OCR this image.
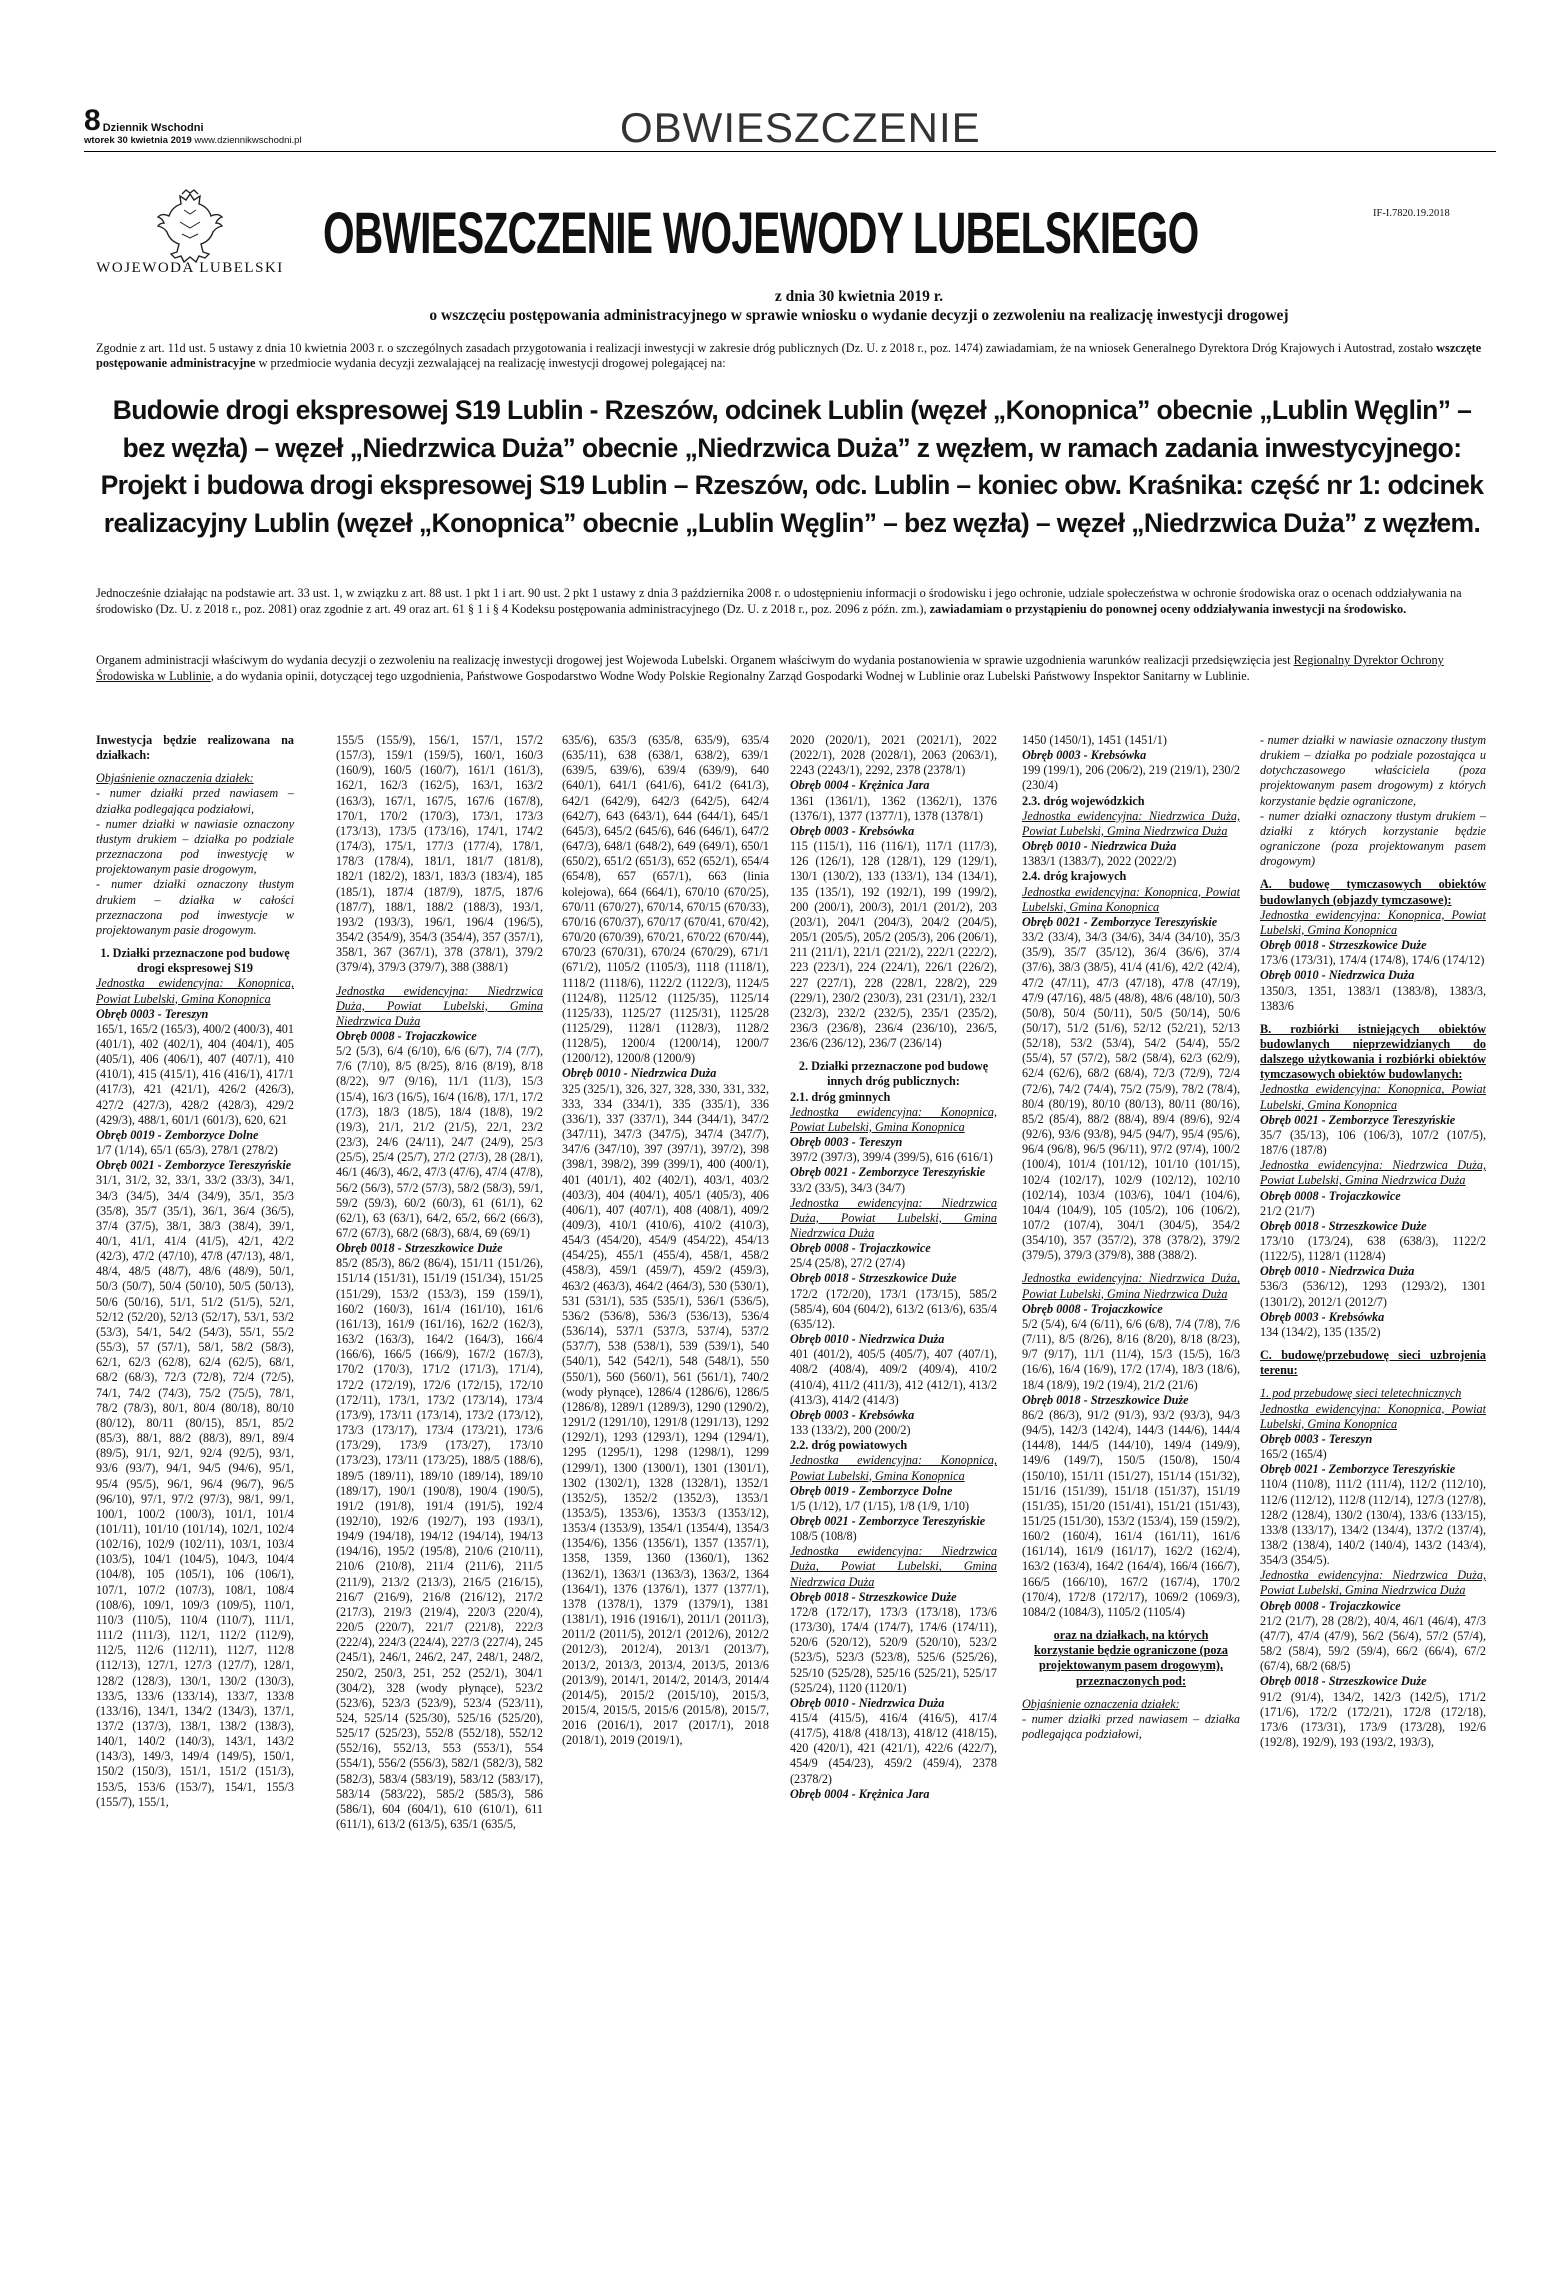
8 Dziennik Wschodni
wtorek 30 kwietnia 2019 www.dziennikwschodni.pl	OBWIESZCZENIE
WOJEWODA LUBELSKI
IF-I.7820.19.2018
OBWIESZCZENIE WOJEWODY LUBELSKIEGO
z dnia 30 kwietnia 2019 r.
o wszczęciu postępowania administracyjnego w sprawie wniosku o wydanie decyzji o zezwoleniu na realizację inwestycji drogowej
Zgodnie z art. 11d ust. 5 ustawy z dnia 10 kwietnia 2003 r. o szczególnych zasadach przygotowania i realizacji inwestycji w zakresie dróg publicznych (Dz. U. z 2018 r., poz. 1474) zawiadamiam, że na wniosek Generalnego Dyrektora Dróg Krajowych i Autostrad, zostało wszczęte postępowanie administracyjne w przedmiocie wydania decyzji zezwalającej na realizację inwestycji drogowej polegającej na:
Budowie drogi ekspresowej S19 Lublin - Rzeszów, odcinek Lublin (węzeł „Konopnica” obecnie „Lublin Węglin” –
bez węzła) – węzeł „Niedrzwica Duża” obecnie „Niedrzwica Duża” z węzłem, w ramach zadania inwestycyjnego:
Projekt i budowa drogi ekspresowej S19 Lublin – Rzeszów, odc. Lublin – koniec obw. Kraśnika: część nr 1: odcinek
realizacyjny Lublin (węzeł „Konopnica” obecnie „Lublin Węglin” – bez węzła) – węzeł „Niedrzwica Duża” z węzłem.
Jednocześnie działając na podstawie art. 33 ust. 1, w związku z art. 88 ust. 1 pkt 1 i art. 90 ust. 2 pkt 1 ustawy z dnia 3 października 2008 r. o udostępnieniu informacji o środowisku i jego ochronie, udziale społeczeństwa w ochronie środowiska oraz o ocenach oddziaływania na środowisko (Dz. U. z 2018 r., poz. 2081) oraz zgodnie z art. 49 oraz art. 61 § 1 i § 4 Kodeksu postępowania administracyjnego (Dz. U. z 2018 r., poz. 2096 z późn. zm.), zawiadamiam o przystąpieniu do ponownej oceny oddziaływania inwestycji na środowisko.
Organem administracji właściwym do wydania decyzji o zezwoleniu na realizację inwestycji drogowej jest Wojewoda Lubelski. Organem właściwym do wydania postanowienia w sprawie uzgodnienia warunków realizacji przedsięwzięcia jest Regionalny Dyrektor Ochrony Środowiska w Lublinie, a do wydania opinii, dotyczącej tego uzgodnienia, Państwowe Gospodarstwo Wodne Wody Polskie Regionalny Zarząd Gospodarki Wodnej w Lublinie oraz Lubelski Państwowy Inspektor Sanitarny w Lublinie.
Inwestycja będzie realizowana na działkach:
Objaśnienie oznaczenia działek:
- numer działki przed nawiasem – działka podlegająca podziałowi,
- numer działki w nawiasie oznaczony tłustym drukiem – działka po podziale przeznaczona pod inwestycję w projektowanym pasie drogowym,
- numer działki oznaczony tłustym drukiem – działka w całości przeznaczona pod inwestycje w projektowanym pasie drogowym.
1. Działki przeznaczone pod budowę drogi ekspresowej S19
Jednostka ewidencyjna: Konopnica, Powiat Lubelski, Gmina Konopnica
Obręb 0003 - Tereszyn
165/1, 165/2 (165/3), 400/2 (400/3), 401 (401/1), 402 (402/1), 404 (404/1), 405 (405/1), 406 (406/1), 407 (407/1), 410 (410/1), 415 (415/1), 416 (416/1), 417/1 (417/3), 421 (421/1), 426/2 (426/3), 427/2 (427/3), 428/2 (428/3), 429/2 (429/3), 488/1, 601/1 (601/3), 620, 621
Obręb 0019 - Zemborzyce Dolne
1/7 (1/14), 65/1 (65/3), 278/1 (278/2)
Obręb 0021 - Zemborzyce Tereszyńskie
31/1, 31/2, 32, 33/1, 33/2 (33/3), 34/1, 34/3 (34/5), 34/4 (34/9), 35/1, 35/3 (35/8), 35/7 (35/1), 36/1, 36/4 (36/5), 37/4 (37/5), 38/1, 38/3 (38/4), 39/1, 40/1, 41/1, 41/4 (41/5), 42/1, 42/2 (42/3), 47/2 (47/10), 47/8 (47/13), 48/1, 48/4, 48/5 (48/7), 48/6 (48/9), 50/1, 50/3 (50/7), 50/4 (50/10), 50/5 (50/13), 50/6 (50/16), 51/1, 51/2 (51/5), 52/1, 52/12 (52/20), 52/13 (52/17), 53/1, 53/2 (53/3), 54/1, 54/2 (54/3), 55/1, 55/2 (55/3), 57 (57/1), 58/1, 58/2 (58/3), 62/1, 62/3 (62/8), 62/4 (62/5), 68/1, 68/2 (68/3), 72/3 (72/8), 72/4 (72/5), 74/1, 74/2 (74/3), 75/2 (75/5), 78/1, 78/2 (78/3), 80/1, 80/4 (80/18), 80/10 (80/12), 80/11 (80/15), 85/1, 85/2 (85/3), 88/1, 88/2 (88/3), 89/1, 89/4 (89/5), 91/1, 92/1, 92/4 (92/5), 93/1, 93/6 (93/7), 94/1, 94/5 (94/6), 95/1, 95/4 (95/5), 96/1, 96/4 (96/7), 96/5 (96/10), 97/1, 97/2 (97/3), 98/1, 99/1, 100/1, 100/2 (100/3), 101/1, 101/4 (101/11), 101/10 (101/14), 102/1, 102/4 (102/16), 102/9 (102/11), 103/1, 103/4 (103/5), 104/1 (104/5), 104/3, 104/4 (104/8), 105 (105/1), 106 (106/1), 107/1, 107/2 (107/3), 108/1, 108/4 (108/6), 109/1, 109/3 (109/5), 110/1, 110/3 (110/5), 110/4 (110/7), 111/1, 111/2 (111/3), 112/1, 112/2 (112/9), 112/5, 112/6 (112/11), 112/7, 112/8 (112/13), 127/1, 127/3 (127/7), 128/1, 128/2 (128/3), 130/1, 130/2 (130/3), 133/5, 133/6 (133/14), 133/7, 133/8 (133/16), 134/1, 134/2 (134/3), 137/1, 137/2 (137/3), 138/1, 138/2 (138/3), 140/1, 140/2 (140/3), 143/1, 143/2 (143/3), 149/3, 149/4 (149/5), 150/1, 150/2 (150/3), 151/1, 151/2 (151/3), 153/5, 153/6 (153/7), 154/1, 155/3 (155/7), 155/1,
155/5 (155/9), 156/1, 157/1, 157/2 (157/3), 159/1 (159/5), 160/1, 160/3 (160/9), 160/5 (160/7), 161/1 (161/3), 162/1, 162/3 (162/5), 163/1, 163/2 (163/3), 167/1, 167/5, 167/6 (167/8), 170/1, 170/2 (170/3), 173/1, 173/3 (173/13), 173/5 (173/16), 174/1, 174/2 (174/3), 175/1, 177/3 (177/4), 178/1, 178/3 (178/4), 181/1, 181/7 (181/8), 182/1 (182/2), 183/1, 183/3 (183/4), 185 (185/1), 187/4 (187/9), 187/5, 187/6 (187/7), 188/1, 188/2 (188/3), 193/1, 193/2 (193/3), 196/1, 196/4 (196/5), 354/2 (354/9), 354/3 (354/4), 357 (357/1), 358/1, 367 (367/1), 378 (378/1), 379/2 (379/4), 379/3 (379/7), 388 (388/1)
Jednostka ewidencyjna: Niedrzwica Duża, Powiat Lubelski, Gmina Niedrzwica Duża
Obręb 0008 - Trojaczkowice
5/2 (5/3), 6/4 (6/10), 6/6 (6/7), 7/4 (7/7), 7/6 (7/10), 8/5 (8/25), 8/16 (8/19), 8/18 (8/22), 9/7 (9/16), 11/1 (11/3), 15/3 (15/4), 16/3 (16/5), 16/4 (16/8), 17/1, 17/2 (17/3), 18/3 (18/5), 18/4 (18/8), 19/2 (19/3), 21/1, 21/2 (21/5), 22/1, 23/2 (23/3), 24/6 (24/11), 24/7 (24/9), 25/3 (25/5), 25/4 (25/7), 27/2 (27/3), 28 (28/1), 46/1 (46/3), 46/2, 47/3 (47/6), 47/4 (47/8), 56/2 (56/3), 57/2 (57/3), 58/2 (58/3), 59/1, 59/2 (59/3), 60/2 (60/3), 61 (61/1), 62 (62/1), 63 (63/1), 64/2, 65/2, 66/2 (66/3), 67/2 (67/3), 68/2 (68/3), 68/4, 69 (69/1)
Obręb 0018 - Strzeszkowice Duże
85/2 (85/3), 86/2 (86/4), 151/11 (151/26), 151/14 (151/31), 151/19 (151/34), 151/25 (151/29), 153/2 (153/3), 159 (159/1), 160/2 (160/3), 161/4 (161/10), 161/6 (161/13), 161/9 (161/16), 162/2 (162/3), 163/2 (163/3), 164/2 (164/3), 166/4 (166/6), 166/5 (166/9), 167/2 (167/3), 170/2 (170/3), 171/2 (171/3), 171/4), 172/2 (172/19), 172/6 (172/15), 172/10 (172/11), 173/1, 173/2 (173/14), 173/4 (173/9), 173/11 (173/14), 173/2 (173/12), 173/3 (173/17), 173/4 (173/21), 173/6 (173/29), 173/9 (173/27), 173/10 (173/23), 173/11 (173/25), 188/5 (188/6), 189/5 (189/11), 189/10 (189/14), 189/10 (189/17), 190/1 (190/8), 190/4 (190/5), 191/2 (191/8), 191/4 (191/5), 192/4 (192/10), 192/6 (192/7), 193 (193/1), 194/9 (194/18), 194/12 (194/14), 194/13 (194/16), 195/2 (195/8), 210/6 (210/11), 210/6 (210/8), 211/4 (211/6), 211/5 (211/9), 213/2 (213/3), 216/5 (216/15), 216/7 (216/9), 216/8 (216/12), 217/2 (217/3), 219/3 (219/4), 220/3 (220/4), 220/5 (220/7), 221/7 (221/8), 222/3 (222/4), 224/3 (224/4), 227/3 (227/4), 245 (245/1), 246/1, 246/2, 247, 248/1, 248/2, 250/2, 250/3, 251, 252 (252/1), 304/1 (304/2), 328 (wody płynące), 523/2 (523/6), 523/3 (523/9), 523/4 (523/11), 524, 525/14 (525/30), 525/16 (525/20), 525/17 (525/23), 552/8 (552/18), 552/12 (552/16), 552/13, 553 (553/1), 554 (554/1), 556/2 (556/3), 582/1 (582/3), 582 (582/3), 583/4 (583/19), 583/12 (583/17), 583/14 (583/22), 585/2 (585/3), 586 (586/1), 604 (604/1), 610 (610/1), 611 (611/1), 613/2 (613/5), 635/1 (635/5,
635/6), 635/3 (635/8, 635/9), 635/4 (635/11), 638 (638/1, 638/2), 639/1 (639/5, 639/6), 639/4 (639/9), 640 (640/1), 641/1 (641/6), 641/2 (641/3), 642/1 (642/9), 642/3 (642/5), 642/4 (642/7), 643 (643/1), 644 (644/1), 645/1 (645/3), 645/2 (645/6), 646 (646/1), 647/2 (647/3), 648/1 (648/2), 649 (649/1), 650/1 (650/2), 651/2 (651/3), 652 (652/1), 654/4 (654/8), 657 (657/1), 663 (linia kolejowa), 664 (664/1), 670/10 (670/25), 670/11 (670/27), 670/14, 670/15 (670/33), 670/16 (670/37), 670/17 (670/41, 670/42), 670/20 (670/39), 670/21, 670/22 (670/44), 670/23 (670/31), 670/24 (670/29), 671/1 (671/2), 1105/2 (1105/3), 1118 (1118/1), 1118/2 (1118/6), 1122/2 (1122/3), 1124/5 (1124/8), 1125/12 (1125/35), 1125/14 (1125/33), 1125/27 (1125/31), 1125/28 (1125/29), 1128/1 (1128/3), 1128/2 (1128/5), 1200/4 (1200/14), 1200/7 (1200/12), 1200/8 (1200/9)
Obręb 0010 - Niedrzwica Duża
325 (325/1), 326, 327, 328, 330, 331, 332, 333, 334 (334/1), 335 (335/1), 336 (336/1), 337 (337/1), 344 (344/1), 347/2 (347/11), 347/3 (347/5), 347/4 (347/7), 347/6 (347/10), 397 (397/1), 397/2), 398 (398/1, 398/2), 399 (399/1), 400 (400/1), 401 (401/1), 402 (402/1), 403/1, 403/2 (403/3), 404 (404/1), 405/1 (405/3), 406 (406/1), 407 (407/1), 408 (408/1), 409/2 (409/3), 410/1 (410/6), 410/2 (410/3), 454/3 (454/20), 454/9 (454/22), 454/13 (454/25), 455/1 (455/4), 458/1, 458/2 (458/3), 459/1 (459/7), 459/2 (459/3), 463/2 (463/3), 464/2 (464/3), 530 (530/1), 531 (531/1), 535 (535/1), 536/1 (536/5), 536/2 (536/8), 536/3 (536/13), 536/4 (536/14), 537/1 (537/3, 537/4), 537/2 (537/7), 538 (538/1), 539 (539/1), 540 (540/1), 542 (542/1), 548 (548/1), 550 (550/1), 560 (560/1), 561 (561/1), 740/2 (wody płynące), 1286/4 (1286/6), 1286/5 (1286/8), 1289/1 (1289/3), 1290 (1290/2), 1291/2 (1291/10), 1291/8 (1291/13), 1292 (1292/1), 1293 (1293/1), 1294 (1294/1), 1295 (1295/1), 1298 (1298/1), 1299 (1299/1), 1300 (1300/1), 1301 (1301/1), 1302 (1302/1), 1328 (1328/1), 1352/1 (1352/5), 1352/2 (1352/3), 1353/1 (1353/5), 1353/6), 1353/3 (1353/12), 1353/4 (1353/9), 1354/1 (1354/4), 1354/3 (1354/6), 1356 (1356/1), 1357 (1357/1), 1358, 1359, 1360 (1360/1), 1362 (1362/1), 1363/1 (1363/3), 1363/2, 1364 (1364/1), 1376 (1376/1), 1377 (1377/1), 1378 (1378/1), 1379 (1379/1), 1381 (1381/1), 1916 (1916/1), 2011/1 (2011/3), 2011/2 (2011/5), 2012/1 (2012/6), 2012/2 (2012/3), 2012/4), 2013/1 (2013/7), 2013/2, 2013/3, 2013/4, 2013/5, 2013/6 (2013/9), 2014/1, 2014/2, 2014/3, 2014/4 (2014/5), 2015/2 (2015/10), 2015/3, 2015/4, 2015/5, 2015/6 (2015/8), 2015/7, 2016 (2016/1), 2017 (2017/1), 2018 (2018/1), 2019 (2019/1),
2020 (2020/1), 2021 (2021/1), 2022 (2022/1), 2028 (2028/1), 2063 (2063/1), 2243 (2243/1), 2292, 2378 (2378/1)
Obręb 0004 - Krężnica Jara
1361 (1361/1), 1362 (1362/1), 1376 (1376/1), 1377 (1377/1), 1378 (1378/1)
Obręb 0003 - Krebsówka
115 (115/1), 116 (116/1), 117/1 (117/3), 126 (126/1), 128 (128/1), 129 (129/1), 130/1 (130/2), 133 (133/1), 134 (134/1), 135 (135/1), 192 (192/1), 199 (199/2), 200 (200/1), 200/3), 201/1 (201/2), 203 (203/1), 204/1 (204/3), 204/2 (204/5), 205/1 (205/5), 205/2 (205/3), 206 (206/1), 211 (211/1), 221/1 (221/2), 222/1 (222/2), 223 (223/1), 224 (224/1), 226/1 (226/2), 227 (227/1), 228 (228/1, 228/2), 229 (229/1), 230/2 (230/3), 231 (231/1), 232/1 (232/3), 232/2 (232/5), 235/1 (235/2), 236/3 (236/8), 236/4 (236/10), 236/5, 236/6 (236/12), 236/7 (236/14)
2. Działki przeznaczone pod budowę innych dróg publicznych:
2.1. dróg gminnych
Jednostka ewidencyjna: Konopnica, Powiat Lubelski, Gmina Konopnica
Obręb 0003 - Tereszyn
397/2 (397/3), 399/4 (399/5), 616 (616/1)
Obręb 0021 - Zemborzyce Tereszyńskie
33/2 (33/5), 34/3 (34/7)
Jednostka ewidencyjna: Niedrzwica Duża, Powiat Lubelski, Gmina Niedrzwica Duża
Obręb 0008 - Trojaczkowice
25/4 (25/8), 27/2 (27/4)
Obręb 0018 - Strzeszkowice Duże
172/2 (172/20), 173/1 (173/15), 585/2 (585/4), 604 (604/2), 613/2 (613/6), 635/4 (635/12).
Obręb 0010 - Niedrzwica Duża
401 (401/2), 405/5 (405/7), 407 (407/1), 408/2 (408/4), 409/2 (409/4), 410/2 (410/4), 411/2 (411/3), 412 (412/1), 413/2 (413/3), 414/2 (414/3)
Obręb 0003 - Krebsówka
133 (133/2), 200 (200/2)
2.2. dróg powiatowych
Jednostka ewidencyjna: Konopnica, Powiat Lubelski, Gmina Konopnica
Obręb 0019 - Zemborzyce Dolne
1/5 (1/12), 1/7 (1/15), 1/8 (1/9, 1/10)
Obręb 0021 - Zemborzyce Tereszyńskie
108/5 (108/8)
Jednostka ewidencyjna: Niedrzwica Duża, Powiat Lubelski, Gmina Niedrzwica Duża
Obręb 0018 - Strzeszkowice Duże
172/8 (172/17), 173/3 (173/18), 173/6 (173/30), 174/4 (174/7), 174/6 (174/11), 520/6 (520/12), 520/9 (520/10), 523/2 (523/5), 523/3 (523/8), 525/6 (525/26), 525/10 (525/28), 525/16 (525/21), 525/17 (525/24), 1120 (1120/1)
Obręb 0010 - Niedrzwica Duża
415/4 (415/5), 416/4 (416/5), 417/4 (417/5), 418/8 (418/13), 418/12 (418/15), 420 (420/1), 421 (421/1), 422/6 (422/7), 454/9 (454/23), 459/2 (459/4), 2378 (2378/2)
Obręb 0004 - Krężnica Jara
1450 (1450/1), 1451 (1451/1)
Obręb 0003 - Krebsówka
199 (199/1), 206 (206/2), 219 (219/1), 230/2 (230/4)
2.3. dróg wojewódzkich
Jednostka ewidencyjna: Niedrzwica Duża, Powiat Lubelski, Gmina Niedrzwica Duża
Obręb 0010 - Niedrzwica Duża
1383/1 (1383/7), 2022 (2022/2)
2.4. dróg krajowych
Jednostka ewidencyjna: Konopnica, Powiat Lubelski, Gmina Konopnica
Obręb 0021 - Zemborzyce Tereszyńskie
33/2 (33/4), 34/3 (34/6), 34/4 (34/10), 35/3 (35/9), 35/7 (35/12), 36/4 (36/6), 37/4 (37/6), 38/3 (38/5), 41/4 (41/6), 42/2 (42/4), 47/2 (47/11), 47/3 (47/18), 47/8 (47/19), 47/9 (47/16), 48/5 (48/8), 48/6 (48/10), 50/3 (50/8), 50/4 (50/11), 50/5 (50/14), 50/6 (50/17), 51/2 (51/6), 52/12 (52/21), 52/13 (52/18), 53/2 (53/4), 54/2 (54/4), 55/2 (55/4), 57 (57/2), 58/2 (58/4), 62/3 (62/9), 62/4 (62/6), 68/2 (68/4), 72/3 (72/9), 72/4 (72/6), 74/2 (74/4), 75/2 (75/9), 78/2 (78/4), 80/4 (80/19), 80/10 (80/13), 80/11 (80/16), 85/2 (85/4), 88/2 (88/4), 89/4 (89/6), 92/4 (92/6), 93/6 (93/8), 94/5 (94/7), 95/4 (95/6), 96/4 (96/8), 96/5 (96/11), 97/2 (97/4), 100/2 (100/4), 101/4 (101/12), 101/10 (101/15), 102/4 (102/17), 102/9 (102/12), 102/10 (102/14), 103/4 (103/6), 104/1 (104/6), 104/4 (104/9), 105 (105/2), 106 (106/2), 107/2 (107/4), 304/1 (304/5), 354/2 (354/10), 357 (357/2), 378 (378/2), 379/2 (379/5), 379/3 (379/8), 388 (388/2).
Jednostka ewidencyjna: Niedrzwica Duża, Powiat Lubelski, Gmina Niedrzwica Duża
Obręb 0008 - Trojaczkowice
5/2 (5/4), 6/4 (6/11), 6/6 (6/8), 7/4 (7/8), 7/6 (7/11), 8/5 (8/26), 8/16 (8/20), 8/18 (8/23), 9/7 (9/17), 11/1 (11/4), 15/3 (15/5), 16/3 (16/6), 16/4 (16/9), 17/2 (17/4), 18/3 (18/6), 18/4 (18/9), 19/2 (19/4), 21/2 (21/6)
Obręb 0018 - Strzeszkowice Duże
86/2 (86/3), 91/2 (91/3), 93/2 (93/3), 94/3 (94/5), 142/3 (142/4), 144/3 (144/6), 144/4 (144/8), 144/5 (144/10), 149/4 (149/9), 149/6 (149/7), 150/5 (150/8), 150/4 (150/10), 151/11 (151/27), 151/14 (151/32), 151/16 (151/39), 151/18 (151/37), 151/19 (151/35), 151/20 (151/41), 151/21 (151/43), 151/25 (151/30), 153/2 (153/4), 159 (159/2), 160/2 (160/4), 161/4 (161/11), 161/6 (161/14), 161/9 (161/17), 162/2 (162/4), 163/2 (163/4), 164/2 (164/4), 166/4 (166/7), 166/5 (166/10), 167/2 (167/4), 170/2 (170/4), 172/8 (172/17), 1069/2 (1069/3), 1084/2 (1084/3), 1105/2 (1105/4)
oraz na działkach, na których korzystanie będzie ograniczone (poza projektowanym pasem drogowym), przeznaczonych pod:
Objaśnienie oznaczenia działek:
- numer działki przed nawiasem – działka podlegająca podziałowi,
- numer działki w nawiasie oznaczony tłustym drukiem – działka po podziale pozostająca u dotychczasowego właściciela (poza projektowanym pasem drogowym) z których korzystanie będzie ograniczone,
- numer działki oznaczony tłustym drukiem – działki z których korzystanie będzie ograniczone (poza projektowanym pasem drogowym)
A. budowę tymczasowych obiektów budowlanych (objazdy tymczasowe):
Jednostka ewidencyjna: Konopnica, Powiat Lubelski, Gmina Konopnica
Obręb 0018 - Strzeszkowice Duże
173/6 (173/31), 174/4 (174/8), 174/6 (174/12)
Obręb 0010 - Niedrzwica Duża
1350/3, 1351, 1383/1 (1383/8), 1383/3, 1383/6
B. rozbiórki istniejących obiektów budowlanych nieprzewidzianych do dalszego użytkowania i rozbiórki obiektów tymczasowych obiektów budowlanych:
Jednostka ewidencyjna: Konopnica, Powiat Lubelski, Gmina Konopnica
Obręb 0021 - Zemborzyce Tereszyńskie
35/7 (35/13), 106 (106/3), 107/2 (107/5), 187/6 (187/8)
Jednostka ewidencyjna: Niedrzwica Duża, Powiat Lubelski, Gmina Niedrzwica Duża
Obręb 0008 - Trojaczkowice
21/2 (21/7)
Obręb 0018 - Strzeszkowice Duże
173/10 (173/24), 638 (638/3), 1122/2 (1122/5), 1128/1 (1128/4)
Obręb 0010 - Niedrzwica Duża
536/3 (536/12), 1293 (1293/2), 1301 (1301/2), 2012/1 (2012/7)
Obręb 0003 - Krebsówka
134 (134/2), 135 (135/2)
C. budowę/przebudowę sieci uzbrojenia terenu:
1. pod przebudowę sieci teletechnicznych
Jednostka ewidencyjna: Konopnica, Powiat Lubelski, Gmina Konopnica
Obręb 0003 - Tereszyn
165/2 (165/4)
Obręb 0021 - Zemborzyce Tereszyńskie
110/4 (110/8), 111/2 (111/4), 112/2 (112/10), 112/6 (112/12), 112/8 (112/14), 127/3 (127/8), 128/2 (128/4), 130/2 (130/4), 133/6 (133/15), 133/8 (133/17), 134/2 (134/4), 137/2 (137/4), 138/2 (138/4), 140/2 (140/4), 143/2 (143/4), 354/3 (354/5).
Jednostka ewidencyjna: Niedrzwica Duża, Powiat Lubelski, Gmina Niedrzwica Duża
Obręb 0008 - Trojaczkowice
21/2 (21/7), 28 (28/2), 40/4, 46/1 (46/4), 47/3 (47/7), 47/4 (47/9), 56/2 (56/4), 57/2 (57/4), 58/2 (58/4), 59/2 (59/4), 66/2 (66/4), 67/2 (67/4), 68/2 (68/5)
Obręb 0018 - Strzeszkowice Duże
91/2 (91/4), 134/2, 142/3 (142/5), 171/2 (171/6), 172/2 (172/21), 172/8 (172/18), 173/6 (173/31), 173/9 (173/28), 192/6 (192/8), 192/9), 193 (193/2, 193/3),
